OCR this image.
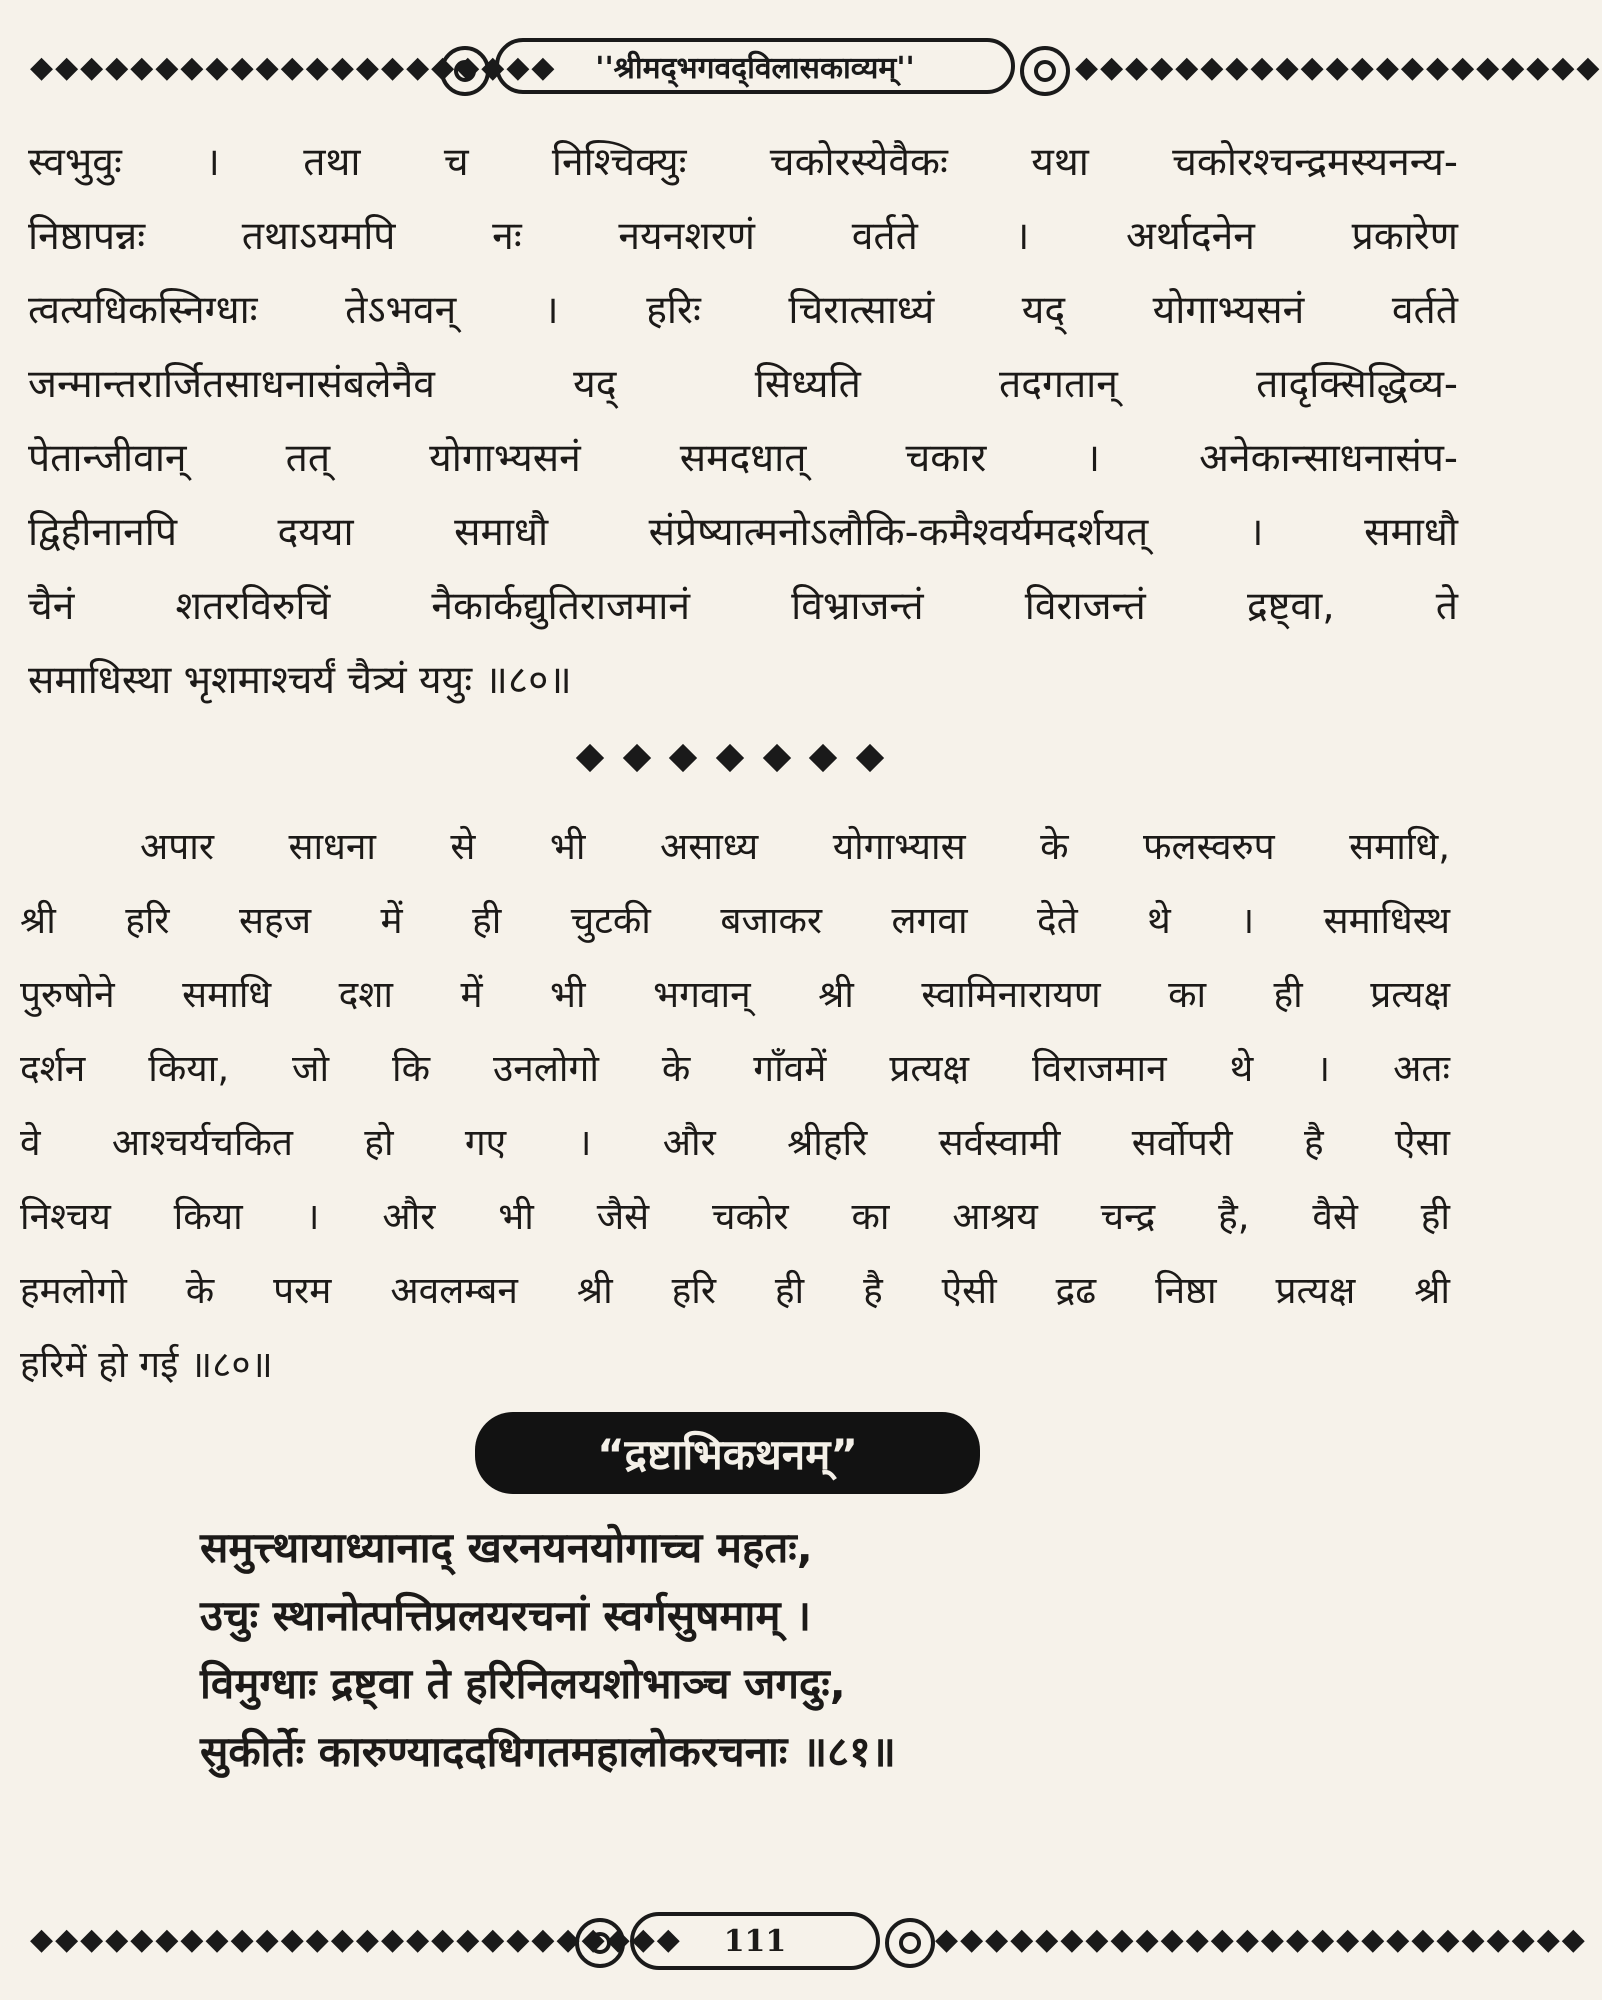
◆◆◆◆◆◆◆◆◆◆◆◆◆◆◆◆◆◆◆◆◆	''श्रीमद्‌भगवद्‌विलासकाव्यम्''	◆◆◆◆◆◆◆◆◆◆◆◆◆◆◆◆◆◆◆◆◆
स्वभुवुः । तथा च निश्चिक्युः चकोरस्येवैकः यथा चकोरश्चन्द्रमस्यनन्य-
निष्ठापन्नः तथाऽयमपि नः नयनशरणं वर्तते । अर्थादनेन प्रकारेण
त्वत्यधिकस्निग्धाः तेऽभवन् । हरिः चिरात्साध्यं यद् योगाभ्यसनं वर्तते
जन्मान्तरार्जितसाधनासंबलेनैव यद् सिध्यति तदगतान् तादृक्सिद्धिव्य-
पेतान्जीवान् तत् योगाभ्यसनं समदधात् चकार । अनेकान्साधनासंप-
द्विहीनानपि दयया समाधौ संप्रेष्यात्मनोऽलौकि-कमैश्वर्यमदर्शयत् । समाधौ
चैनं शतरविरुचिं नैकार्कद्युतिराजमानं विभ्राजन्तं विराजन्तं द्रष्ट्वा, ते
समाधिस्था भृशमाश्चर्यं चैत्र्यं ययुः ॥८०॥
अपार साधना से भी असाध्य योगाभ्यास के फलस्वरुप समाधि,
श्री हरि सहज में ही चुटकी बजाकर लगवा देते थे । समाधिस्थ
पुरुषोने समाधि दशा में भी भगवान् श्री स्वामिनारायण का ही प्रत्यक्ष
दर्शन किया, जो कि उनलोगो के गाँवमें प्रत्यक्ष विराजमान थे । अतः
वे आश्चर्यचकित हो गए । और श्रीहरि सर्वस्वामी सर्वोपरी है ऐसा
निश्चय किया । और भी जैसे चकोर का आश्रय चन्द्र है, वैसे ही
हमलोगो के परम अवलम्बन श्री हरि ही है ऐसी द्रढ निष्ठा प्रत्यक्ष श्री
हरिमें हो गई ॥८०॥
“द्रष्टाभिकथनम्”
समुत्त्थायाध्यानाद् खरनयनयोगाच्च महतः,
उचुः स्थानोत्पत्तिप्रलयरचनां स्वर्गसुषमाम् ।
विमुग्धाः द्रष्ट्वा ते हरिनिलयशोभाञ्च जगदुः,
सुकीर्तेः कारुण्याददधिगतमहालोकरचनाः ॥८१॥
◆◆◆◆◆◆◆◆◆◆◆◆◆◆◆◆◆◆◆◆◆◆◆◆◆◆	111	◆◆◆◆◆◆◆◆◆◆◆◆◆◆◆◆◆◆◆◆◆◆◆◆◆◆
